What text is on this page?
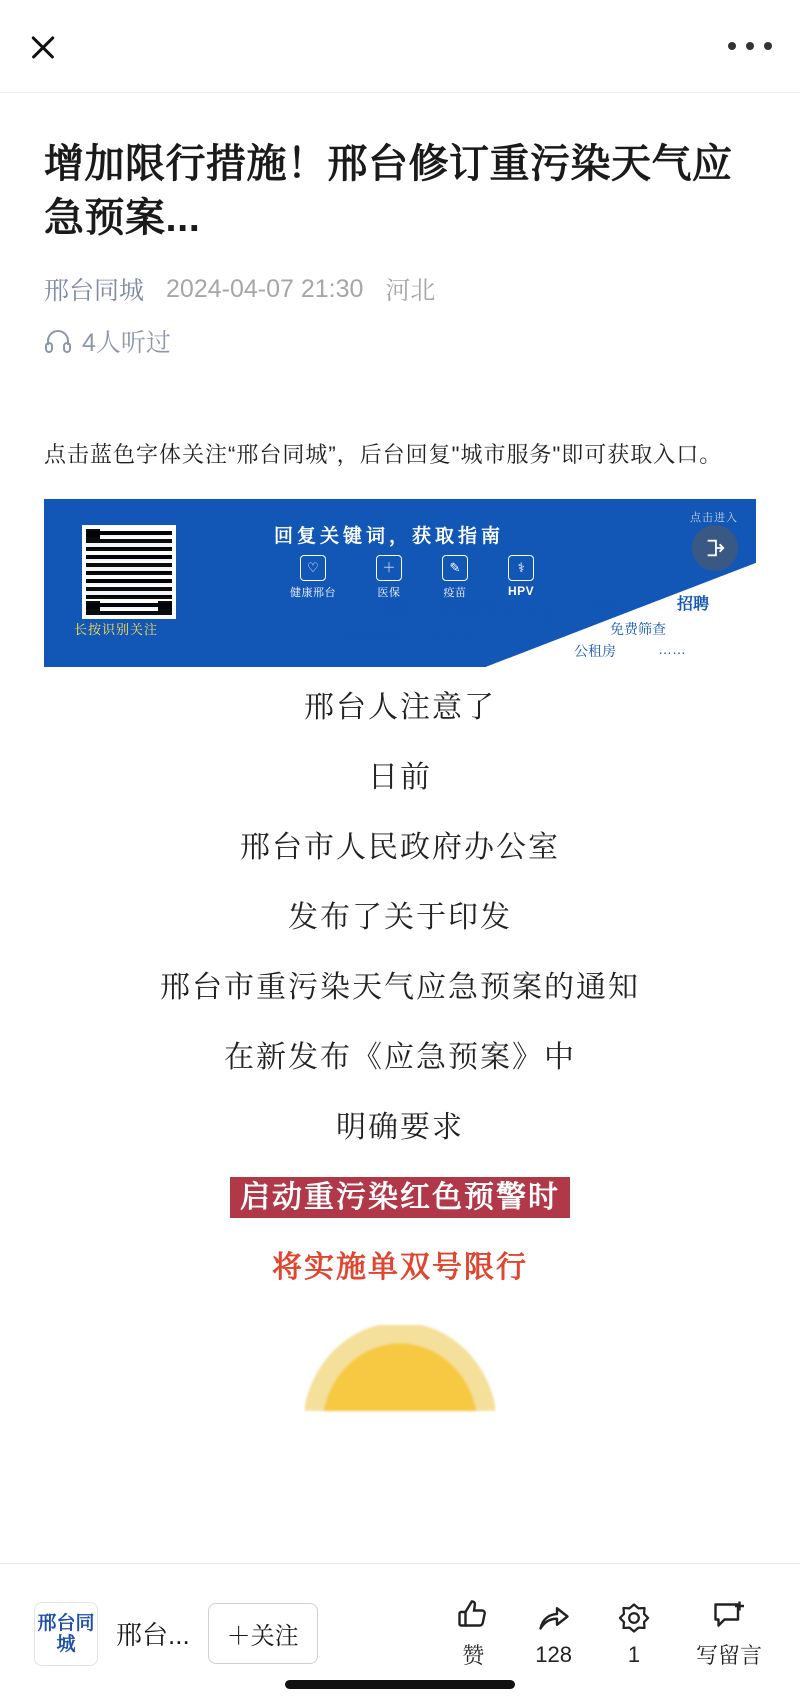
增加限行措施！邢台修订重污染天气应急预案...
邢台同城 2024-04-07 21:30 河北
4人听过

点击蓝色字体关注“邢台同城”，后台回复"城市服务"即可获取入口。

长按识别关注
回复关键词，获取指南
♡
健康邢台
＋
医保
✎
疫苗
⚕
HPV
供暖 婚姻登记
人才招引 公交	招聘
校外培训 失业金	免费筛查
公租房	……
点击进入
邢台人注意了
日前
邢台市人民政府办公室
发布了关于印发
邢台市重污染天气应急预案的通知
在新发布《应急预案》中
明确要求
启动重污染红色预警时
将实施单双号限行
邢台同城	邢台...	＋关注
赞 128	1	写留言
